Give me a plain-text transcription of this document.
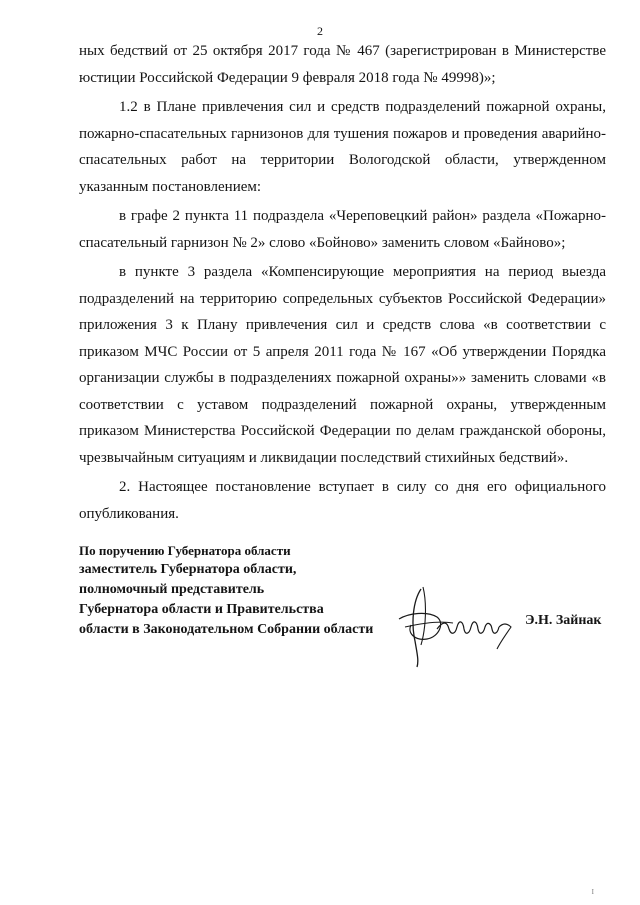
2

ных бедствий от 25 октября 2017 года № 467 (зарегистрирован в Министерстве юстиции Российской Федерации 9 февраля 2018 года № 49998)»;

1.2 в Плане привлечения сил и средств подразделений пожарной охраны, пожарно-спасательных гарнизонов для тушения пожаров и проведения аварийно-спасательных работ на территории Вологодской области, утвержденном указанным постановлением:

в графе 2 пункта 11 подраздела «Череповецкий район» раздела «Пожарно-спасательный гарнизон № 2» слово «Бойново» заменить словом «Байново»;

в пункте 3 раздела «Компенсирующие мероприятия на период выезда подразделений на территорию сопредельных субъектов Российской Федерации» приложения 3 к Плану привлечения сил и средств слова «в соответствии с приказом МЧС России от 5 апреля 2011 года № 167 «Об утверждении Порядка организации службы в подразделениях пожарной охраны»» заменить словами «в соответствии с уставом подразделений пожарной охраны, утвержденным приказом Министерства Российской Федерации по делам гражданской обороны, чрезвычайным ситуациям и ликвидации последствий стихийных бедствий».

2. Настоящее постановление вступает в силу со дня его официального опубликования.

По поручению Губернатора области
заместитель Губернатора области,
полномочный представитель
Губернатора области и Правительства
области в Законодательном Собрании области
Э.Н. Зайнак
I
